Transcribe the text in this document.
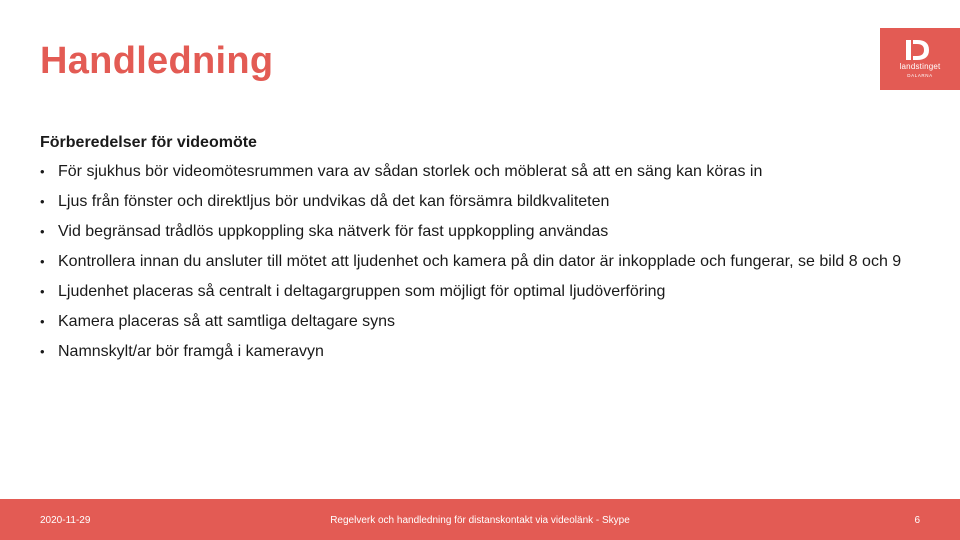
Handledning	landstinget
DALARNA
Förberedelser för videomöte
• För sjukhus bör videomötesrummen vara av sådan storlek och möblerat så att en säng kan köras in
• Ljus från fönster och direktljus bör undvikas då det kan försämra bildkvaliteten
• Vid begränsad trådlös uppkoppling ska nätverk för fast uppkoppling användas
• Kontrollera innan du ansluter till mötet att ljudenhet och kamera på din dator är inkopplade och fungerar, se bild 8 och 9
• Ljudenhet placeras så centralt i deltagargruppen som möjligt för optimal ljudöverföring
• Kamera placeras så att samtliga deltagare syns
• Namnskylt/ar bör framgå i kameravyn
2020-11-29	Regelverk och handledning för distanskontakt via videolänk - Skype	6
